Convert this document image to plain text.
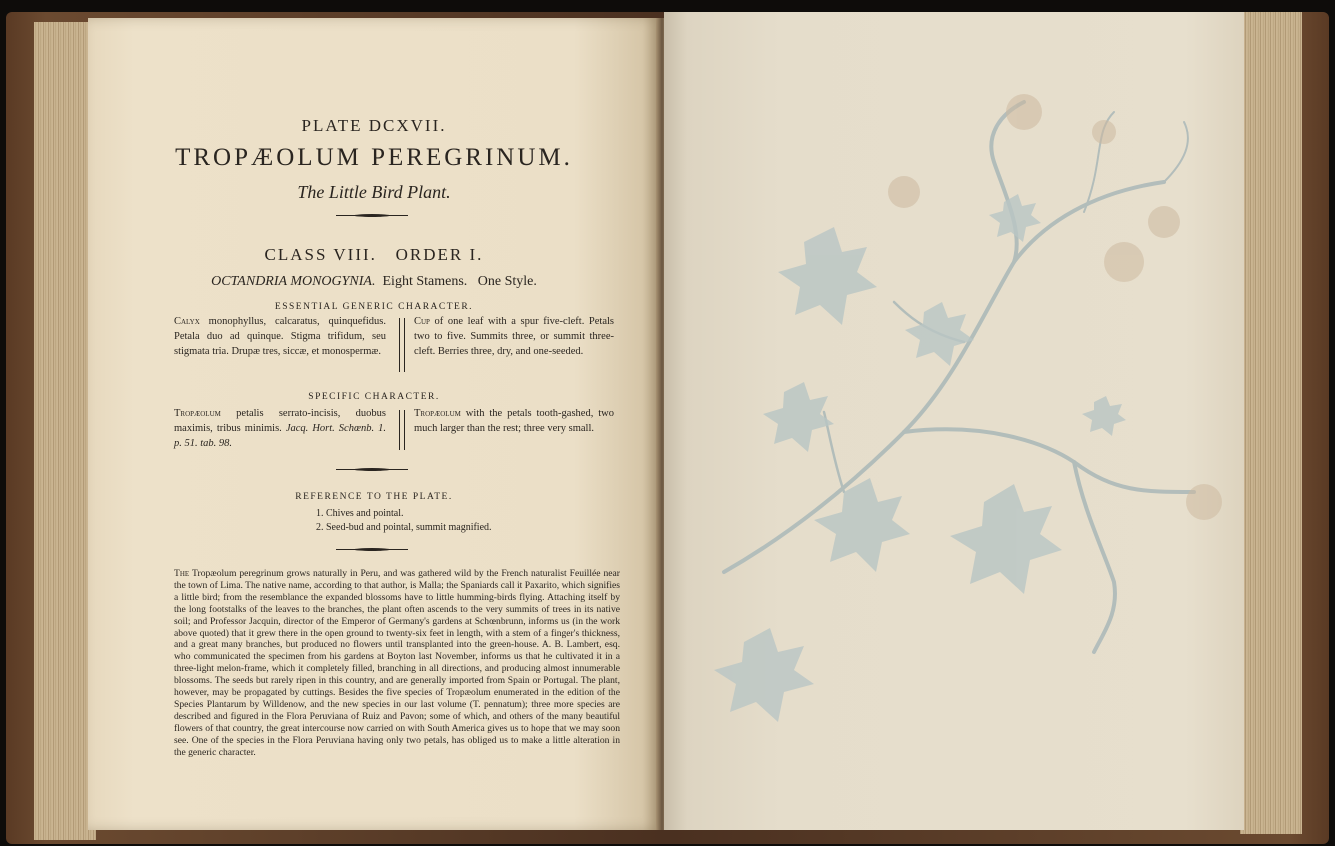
PLATE DCXVII.
TROPÆOLUM PEREGRINUM.
The Little Bird Plant.
CLASS VIII.   ORDER I.
OCTANDRIA MONOGYNIA. Eight Stamens.   One Style.
ESSENTIAL GENERIC CHARACTER.
Calyx monophyllus, calcaratus, quinquefidus. Petala duo ad quinque. Stigma trifidum, seu stigmata tria. Drupæ tres, siccæ, et monospermæ.
Cup of one leaf with a spur five-cleft. Petals two to five. Summits three, or summit three-cleft. Berries three, dry, and one-seeded.
SPECIFIC CHARACTER.
Tropæolum petalis serrato-incisis, duobus maximis, tribus minimis. Jacq. Hort. Schœnb. 1. p. 51. tab. 98.
Tropæolum with the petals tooth-gashed, two much larger than the rest; three very small.
REFERENCE TO THE PLATE.
1. Chives and pointal.
2. Seed-bud and pointal, summit magnified.
The Tropæolum peregrinum grows naturally in Peru, and was gathered wild by the French naturalist Feuillée near the town of Lima. The native name, according to that author, is Malla; the Spaniards call it Paxarito, which signifies a little bird; from the resemblance the expanded blossoms have to little humming-birds flying. Attaching itself by the long footstalks of the leaves to the branches, the plant often ascends to the very summits of trees in its native soil; and Professor Jacquin, director of the Emperor of Germany's gardens at Schœnbrunn, informs us (in the work above quoted) that it grew there in the open ground to twenty-six feet in length, with a stem of a finger's thickness, and a great many branches, but produced no flowers until transplanted into the green-house. A. B. Lambert, esq. who communicated the specimen from his gardens at Boyton last November, informs us that he cultivated it in a three-light melon-frame, which it completely filled, branching in all directions, and producing almost innumerable blossoms. The seeds but rarely ripen in this country, and are generally imported from Spain or Portugal. The plant, however, may be propagated by cuttings. Besides the five species of Tropæolum enumerated in the edition of the Species Plantarum by Willdenow, and the new species in our last volume (T. pennatum); three more species are described and figured in the Flora Peruviana of Ruiz and Pavon; some of which, and others of the many beautiful flowers of that country, the great intercourse now carried on with South America gives us to hope that we may soon see. One of the species in the Flora Peruviana having only two petals, has obliged us to make a little alteration in the generic character.
